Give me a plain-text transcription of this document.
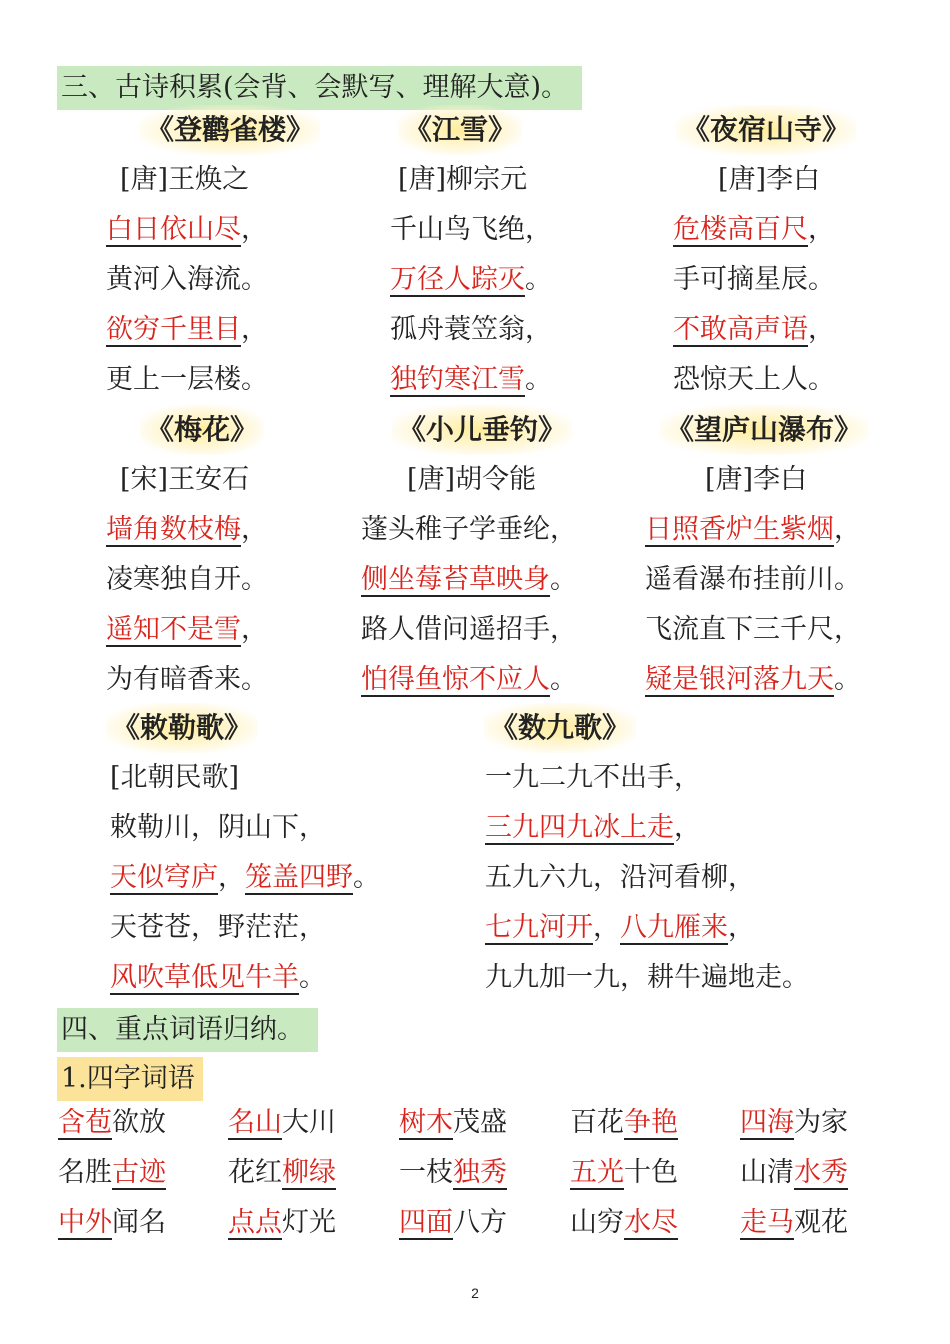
三、古诗积累(会背、会默写、理解大意)。
《登鹳雀楼》
[唐]王焕之
白日依山尽，
黄河入海流。
欲穷千里目，
更上一层楼。
《江雪》
[唐]柳宗元
千山鸟飞绝，
万径人踪灭。
孤舟蓑笠翁，
独钓寒江雪。
《夜宿山寺》
[唐]李白
危楼高百尺，
手可摘星辰。
不敢高声语，
恐惊天上人。
《梅花》
[宋]王安石
墙角数枝梅，
凌寒独自开。
遥知不是雪，
为有暗香来。
《小儿垂钓》
[唐]胡令能
蓬头稚子学垂纶，
侧坐莓苔草映身。
路人借问遥招手，
怕得鱼惊不应人。
《望庐山瀑布》
[唐]李白
日照香炉生紫烟，
遥看瀑布挂前川。
飞流直下三千尺，
疑是银河落九天。
《敕勒歌》
[北朝民歌]
敕勒川，阴山下，
天似穹庐，笼盖四野。
天苍苍，野茫茫，
风吹草低见牛羊。
《数九歌》
一九二九不出手，
三九四九冰上走，
五九六九，沿河看柳，
七九河开，八九雁来，
九九加一九，耕牛遍地走。
四、重点词语归纳。
1.四字词语
含苞欲放 名山大川 树木茂盛 百花争艳 四海为家
名胜古迹 花红柳绿 一枝独秀 五光十色 山清水秀
中外闻名 点点灯光 四面八方 山穷水尽 走马观花
2
